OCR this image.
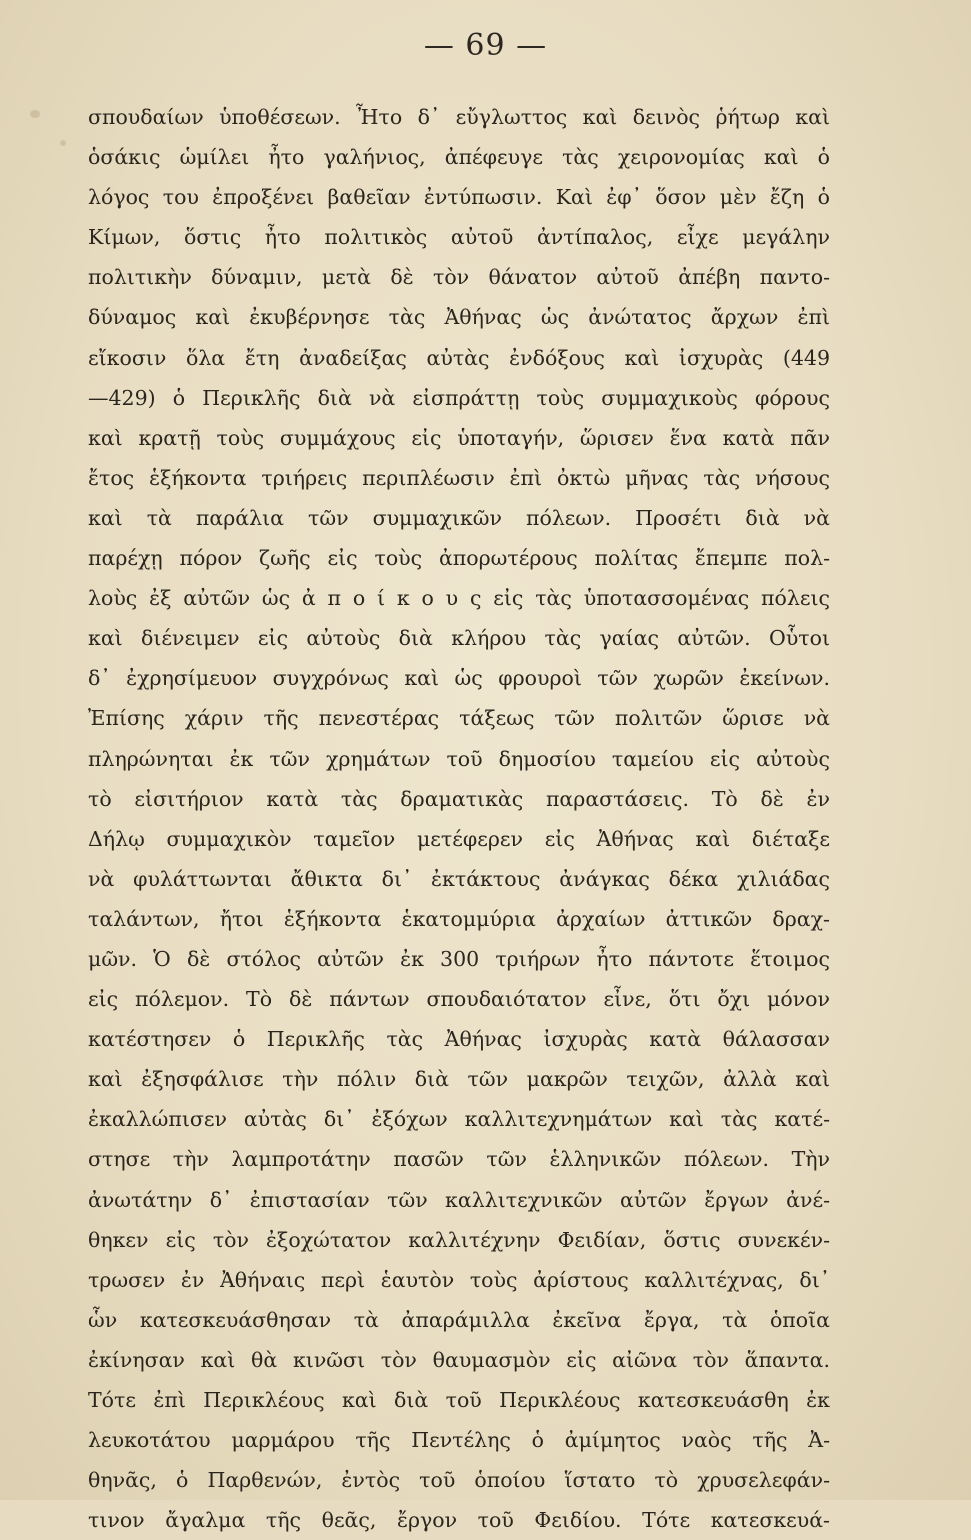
— 69 —
σπουδαίων ὑποθέσεων. Ἦτο δ᾽ εὔγλωττος καὶ δεινὸς ῥήτωρ καὶ
ὁσάκις ὡμίλει ἦτο γαλήνιος, ἀπέφευγε τὰς χειρονομίας καὶ ὁ
λόγος του ἐπροξένει βαθεῖαν ἐντύπωσιν. Καὶ ἐφ᾽ ὅσον μὲν ἔζη ὁ
Κίμων, ὅστις ἦτο πολιτικὸς αὐτοῦ ἀντίπαλος, εἶχε μεγάλην
πολιτικὴν δύναμιν, μετὰ δὲ τὸν θάνατον αὐτοῦ ἀπέβη παντο-
δύναμος καὶ ἐκυβέρνησε τὰς Ἀθήνας ὡς ἀνώτατος ἄρχων ἐπὶ
εἴκοσιν ὅλα ἔτη ἀναδείξας αὐτὰς ἐνδόξους καὶ ἰσχυρὰς (449
—429) ὁ Περικλῆς διὰ νὰ εἰσπράττῃ τοὺς συμμαχικοὺς φόρους
καὶ κρατῇ τοὺς συμμάχους εἰς ὑποταγήν, ὥρισεν ἕνα κατὰ πᾶν
ἔτος ἑξήκοντα τριήρεις περιπλέωσιν ἐπὶ ὀκτὼ μῆνας τὰς νήσους
καὶ τὰ παράλια τῶν συμμαχικῶν πόλεων. Προσέτι διὰ νὰ
παρέχῃ πόρον ζωῆς εἰς τοὺς ἀπορωτέρους πολίτας ἔπεμπε πολ-
λοὺς ἐξ αὐτῶν ὡς ἀ π ο ί κ ο υ ς εἰς τὰς ὑποτασσομένας πόλεις
καὶ διένειμεν εἰς αὐτοὺς διὰ κλήρου τὰς γαίας αὐτῶν. Οὗτοι
δ᾽ ἐχρησίμευον συγχρόνως καὶ ὡς φρουροὶ τῶν χωρῶν ἐκείνων.
Ἐπίσης χάριν τῆς πενεστέρας τάξεως τῶν πολιτῶν ὥρισε νὰ
πληρώνηται ἐκ τῶν χρημάτων τοῦ δημοσίου ταμείου εἰς αὐτοὺς
τὸ εἰσιτήριον κατὰ τὰς δραματικὰς παραστάσεις. Τὸ δὲ ἐν
Δήλῳ συμμαχικὸν ταμεῖον μετέφερεν εἰς Ἀθήνας καὶ διέταξε
νὰ φυλάττωνται ἄθικτα δι᾽ ἐκτάκτους ἀνάγκας δέκα χιλιάδας
ταλάντων, ἤτοι ἑξήκοντα ἑκατομμύρια ἀρχαίων ἀττικῶν δραχ-
μῶν. Ὁ δὲ στόλος αὐτῶν ἐκ 300 τριήρων ἦτο πάντοτε ἕτοιμος
εἰς πόλεμον. Τὸ δὲ πάντων σπουδαιότατον εἶνε, ὅτι ὄχι μόνον
κατέστησεν ὁ Περικλῆς τὰς Ἀθήνας ἰσχυρὰς κατὰ θάλασσαν
καὶ ἐξησφάλισε τὴν πόλιν διὰ τῶν μακρῶν τειχῶν, ἀλλὰ καὶ
ἐκαλλώπισεν αὐτὰς δι᾽ ἐξόχων καλλιτεχνημάτων καὶ τὰς κατέ-
στησε τὴν λαμπροτάτην πασῶν τῶν ἑλληνικῶν πόλεων. Τὴν
ἀνωτάτην δ᾽ ἐπιστασίαν τῶν καλλιτεχνικῶν αὐτῶν ἔργων ἀνέ-
θηκεν εἰς τὸν ἐξοχώτατον καλλιτέχνην Φειδίαν, ὅστις συνεκέν-
τρωσεν ἐν Ἀθήναις περὶ ἑαυτὸν τοὺς ἀρίστους καλλιτέχνας, δι᾽
ὧν κατεσκευάσθησαν τὰ ἀπαράμιλλα ἐκεῖνα ἔργα, τὰ ὁποῖα
ἐκίνησαν καὶ θὰ κινῶσι τὸν θαυμασμὸν εἰς αἰῶνα τὸν ἅπαντα.
Τότε ἐπὶ Περικλέους καὶ διὰ τοῦ Περικλέους κατεσκευάσθη ἐκ
λευκοτάτου μαρμάρου τῆς Πεντέλης ὁ ἀμίμητος ναὸς τῆς Ἀ-
θηνᾶς, ὁ Παρθενών, ἐντὸς τοῦ ὁποίου ἵστατο τὸ χρυσελεφάν-
τινον ἄγαλμα τῆς θεᾶς, ἔργον τοῦ Φειδίου. Τότε κατεσκευά-
